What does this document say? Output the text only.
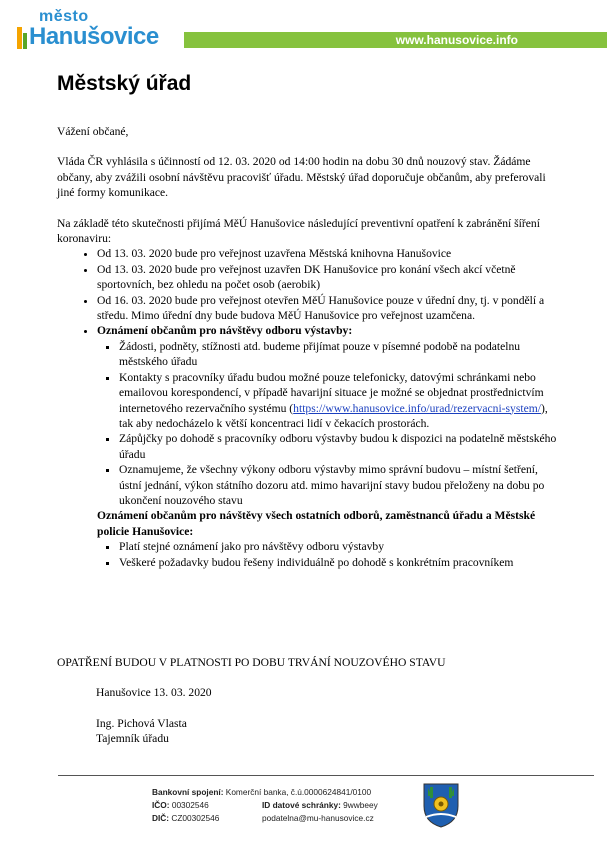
město
Hanušovice	www.hanusovice.info
Městský úřad

Vážení občané,

Vláda ČR vyhlásila s účinností od 12. 03. 2020 od 14:00 hodin na dobu 30 dnů nouzový stav. Žádáme občany, aby zvážili osobní návštěvu pracovišť úřadu. Městský úřad doporučuje občanům, aby preferovali jiné formy komunikace.

Na základě této skutečnosti přijímá MěÚ Hanušovice následující preventivní opatření k zabránění šíření koronaviru:

• Od 13. 03. 2020 bude pro veřejnost uzavřena Městská knihovna Hanušovice
• Od 13. 03. 2020 bude pro veřejnost uzavřen DK Hanušovice pro konání všech akcí včetně sportovních, bez ohledu na počet osob (aerobik)
• Od 16. 03. 2020 bude pro veřejnost otevřen MěÚ Hanušovice pouze v úřední dny, tj. v pondělí a středu. Mimo úřední dny bude budova MěÚ Hanušovice pro veřejnost uzamčena.
• Oznámení občanům pro návštěvy odboru výstavby:
▪ Žádosti, podněty, stížnosti atd. budeme přijímat pouze v písemné podobě na podatelnu městského úřadu
▪ Kontakty s pracovníky úřadu budou možné pouze telefonicky, datovými schránkami nebo emailovou korespondencí, v případě havarijní situace je možné se objednat prostřednictvím internetového rezervačního systému (https://www.hanusovice.info/urad/rezervacni-system/), tak aby nedocházelo k větší koncentraci lidí v čekacích prostorách.
▪ Zápůjčky po dohodě s pracovníky odboru výstavby budou k dispozici na podatelně městského úřadu
▪ Oznamujeme, že všechny výkony odboru výstavby mimo správní budovu – místní šetření, ústní jednání, výkon státního dozoru atd. mimo havarijní stavy budou přeloženy na dobu po ukončení nouzového stavu
Oznámení občanům pro návštěvy všech ostatních odborů, zaměstnanců úřadu a Městské policie Hanušovice:
▪ Platí stejné oznámení jako pro návštěvy odboru výstavby
▪ Veškeré požadavky budou řešeny individuálně po dohodě s konkrétním pracovníkem
OPATŘENÍ BUDOU V PLATNOSTI PO DOBU TRVÁNÍ NOUZOVÉHO STAVU
Hanušovice 13. 03. 2020
Ing. Pichová Vlasta
Tajemník úřadu
Bankovní spojení: Komerční banka, č.ú.0000624841/0100
IČO: 00302546
DIČ: CZ00302546
ID datové schránky: 9wwbeey
podatelna@mu-hanusovice.cz
